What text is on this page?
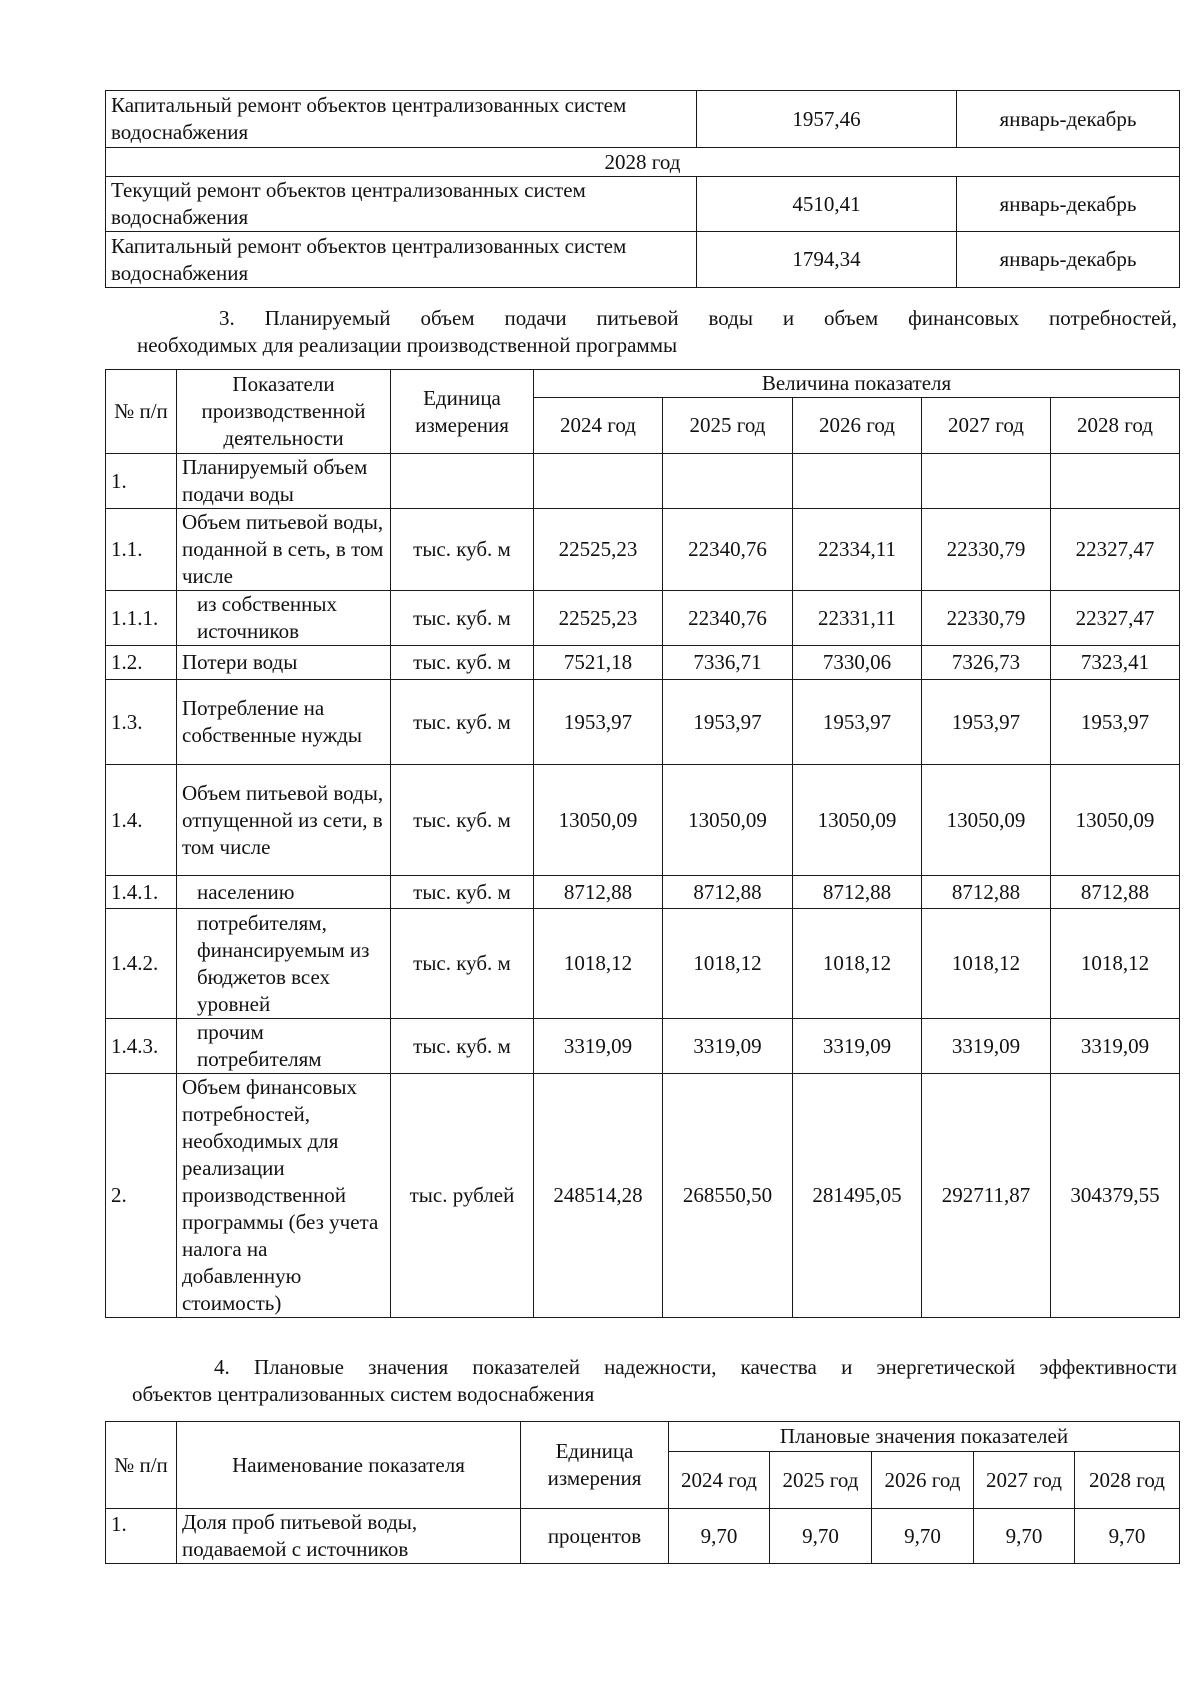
Капитальный ремонт объектов централизованных систем водоснабжения	1957,46	январь-декабрь
2028 год		
Текущий ремонт объектов централизованных систем водоснабжения	4510,41	январь-декабрь
Капитальный ремонт объектов централизованных систем водоснабжения	1794,34	январь-декабрь
3. Планируемый объем подачи питьевой воды и объем финансовых потребностей,
необходимых для реализации производственной программы
№ п/п	Показатели производственной деятельности	Единица измерения	Величина показателя				
			2024 год	2025 год	2026 год	2027 год	2028 год
1.	Планируемый объем подачи воды						
1.1.	Объем питьевой воды, поданной в сеть, в том числе	тыс. куб. м	22525,23	22340,76	22334,11	22330,79	22327,47
1.1.1.	из собственных источников	тыс. куб. м	22525,23	22340,76	22331,11	22330,79	22327,47
1.2.	Потери воды	тыс. куб. м	7521,18	7336,71	7330,06	7326,73	7323,41
1.3.	Потребление на собственные нужды	тыс. куб. м	1953,97	1953,97	1953,97	1953,97	1953,97
1.4.	Объем питьевой воды, отпущенной из сети, в том числе	тыс. куб. м	13050,09	13050,09	13050,09	13050,09	13050,09
1.4.1.	населению	тыс. куб. м	8712,88	8712,88	8712,88	8712,88	8712,88
1.4.2.	потребителям, финансируемым из бюджетов всех уровней	тыс. куб. м	1018,12	1018,12	1018,12	1018,12	1018,12
1.4.3.	прочим потребителям	тыс. куб. м	3319,09	3319,09	3319,09	3319,09	3319,09
2.	Объем финансовых потребностей, необходимых для реализации производственной программы (без учета налога на добавленную стоимость)	тыс. рублей	248514,28	268550,50	281495,05	292711,87	304379,55
4. Плановые значения показателей надежности, качества и энергетической эффективности
объектов централизованных систем водоснабжения
№ п/п	Наименование показателя	Единица измерения	Плановые значения показателей				
			2024 год	2025 год	2026 год	2027 год	2028 год
1.	Доля проб питьевой воды, подаваемой с источников	процентов	9,70	9,70	9,70	9,70	9,70
